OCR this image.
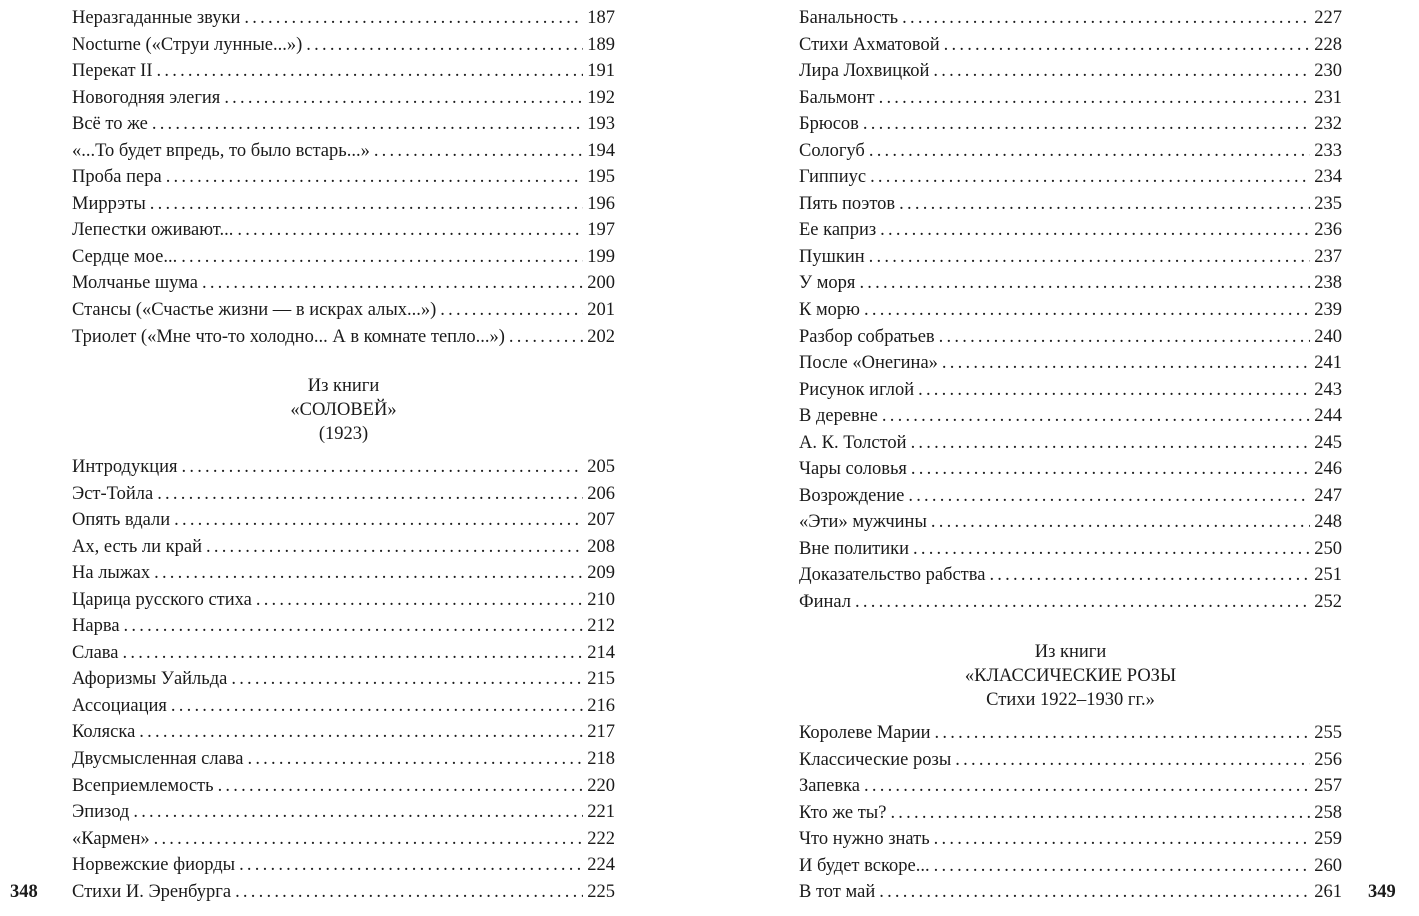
Неразгаданные звуки . . .	187
Nocturne («Струи лунные...») . . .	189
Перекат II . . .	191
Новогодняя элегия . . .	192
Всё то же . . .	193
«...То будет впредь, то было встарь...» . . .	194
Проба пера . . .	195
Миррэты . . .	196
Лепестки оживают... . . .	197
Сердце мое... . . .	199
Молчанье шума . . .	200
Стансы («Счастье жизни — в искрах алых...») . . .	201
Триолет («Мне что-то холодно... А в комнате тепло...») . . .	202
Из книги
«СОЛОВЕЙ»
(1923)
Интродукция . . .	205
Эст-Тойла . . .	206
Опять вдали . . .	207
Ах, есть ли край . . .	208
На лыжах . . .	209
Царица русского стиха . . .	210
Нарва . . .	212
Слава . . .	214
Афоризмы Уайльда . . .	215
Ассоциация . . .	216
Коляска . . .	217
Двусмысленная слава . . .	218
Всеприемлемость . . .	220
Эпизод . . .	221
«Кармен» . . .	222
Норвежские фиорды . . .	224
Стихи И. Эренбурга . . .	225
Банальность . . .	227
Стихи Ахматовой . . .	228
Лира Лохвицкой . . .	230
Бальмонт . . .	231
Брюсов . . .	232
Сологуб . . .	233
Гиппиус . . .	234
Пять поэтов . . .	235
Ее каприз . . .	236
Пушкин . . .	237
У моря . . .	238
К морю . . .	239
Разбор собратьев . . .	240
После «Онегина» . . .	241
Рисунок иглой . . .	243
В деревне . . .	244
А. К. Толстой . . .	245
Чары соловья . . .	246
Возрождение . . .	247
«Эти» мужчины . . .	248
Вне политики . . .	250
Доказательство рабства . . .	251
Финал . . .	252
Из книги
«КЛАССИЧЕСКИЕ РОЗЫ
Стихи 1922–1930 гг.»
Королеве Марии . . .	255
Классические розы . . .	256
Запевка . . .	257
Кто же ты? . . .	258
Что нужно знать . . .	259
И будет вскоре... . . .	260
В тот май . . .	261
348	349
